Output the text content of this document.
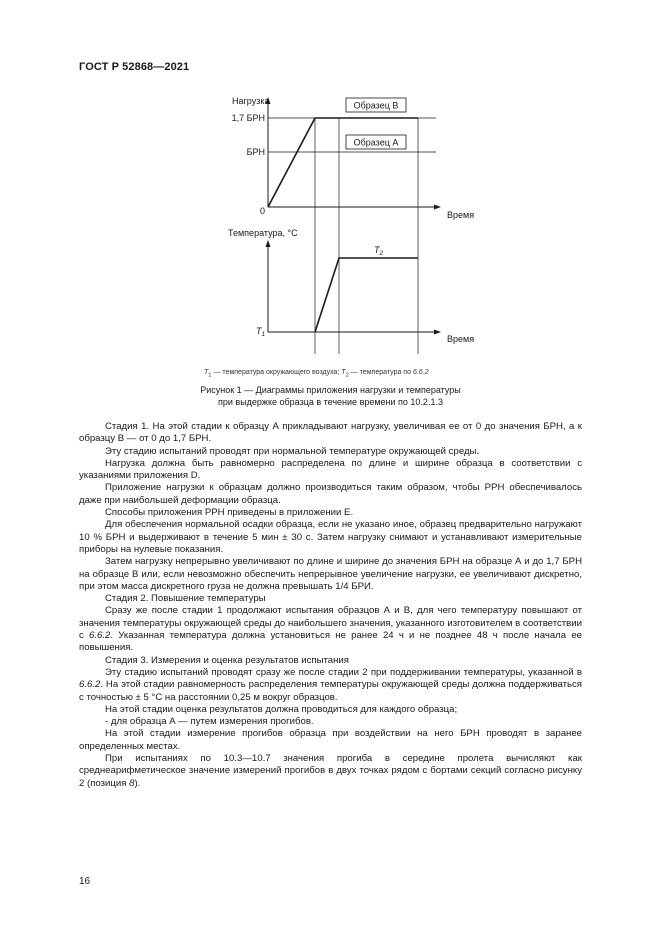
ГОСТ Р 52868—2021
Образец В
Образец А
Нагрузка
1,7 БРН
БРН
0	Время
Температура, °С
$T_2$
$T_1$	Время
$T_1$ — температура окружающего воздуха; $T_2$ — температура по 6.6.2
Рисунок 1 — Диаграммы приложения нагрузки и температуры
при выдержке образца в течение времени по 10.2.1.3

Стадия 1. На этой стадии к образцу А прикладывают нагрузку, увеличивая ее от 0 до значения БРН, а к образцу В — от 0 до 1,7 БРН.

Эту стадию испытаний проводят при нормальной температуре окружающей среды.

Нагрузка должна быть равномерно распределена по длине и ширине образца в соответствии с указаниями приложения D.

Приложение нагрузки к образцам должно производиться таким образом, чтобы РРН обеспечивалось даже при наибольшей деформации образца.

Способы приложения РРН приведены в приложении Е.

Для обеспечения нормальной осадки образца, если не указано иное, образец предварительно нагружают 10 % БРН и выдерживают в течение 5 мин ± 30 с. Затем нагрузку снимают и устанавливают измерительные приборы на нулевые показания.

Затем нагрузку непрерывно увеличивают по длине и ширине до значения БРН на образце А и до 1,7 БРН на образце В или, если невозможно обеспечить непрерывное увеличение нагрузки, ее увеличивают дискретно, при этом масса дискретного груза не должна превышать 1/4 БРИ.

Стадия 2. Повышение температуры

Сразу же после стадии 1 продолжают испытания образцов А и В, для чего температуру повышают от значения температуры окружающей среды до наибольшего значения, указанного изготовителем в соответствии с 6.6.2. Указанная температура должна установиться не ранее 24 ч и не позднее 48 ч после начала ее повышения.

Стадия 3. Измерения и оценка результатов испытания

Эту стадию испытаний проводят сразу же после стадии 2 при поддерживании температуры, указанной в 6.6.2. На этой стадии равномерность распределения температуры окружающей среды должна поддерживаться с точностью ± 5 °С на расстоянии 0,25 м вокруг образцов.

На этой стадии оценка результатов должна проводиться для каждого образца;

- для образца А — путем измерения прогибов.

На этой стадии измерение прогибов образца при воздействии на него БРН проводят в заранее определенных местах.

При испытаниях по 10.3—10.7 значения прогиба в середине пролета вычисляют как среднеарифметическое значение измерений прогибов в двух точках рядом с бортами секций согласно рисунку 2 (позиция 8).

16
